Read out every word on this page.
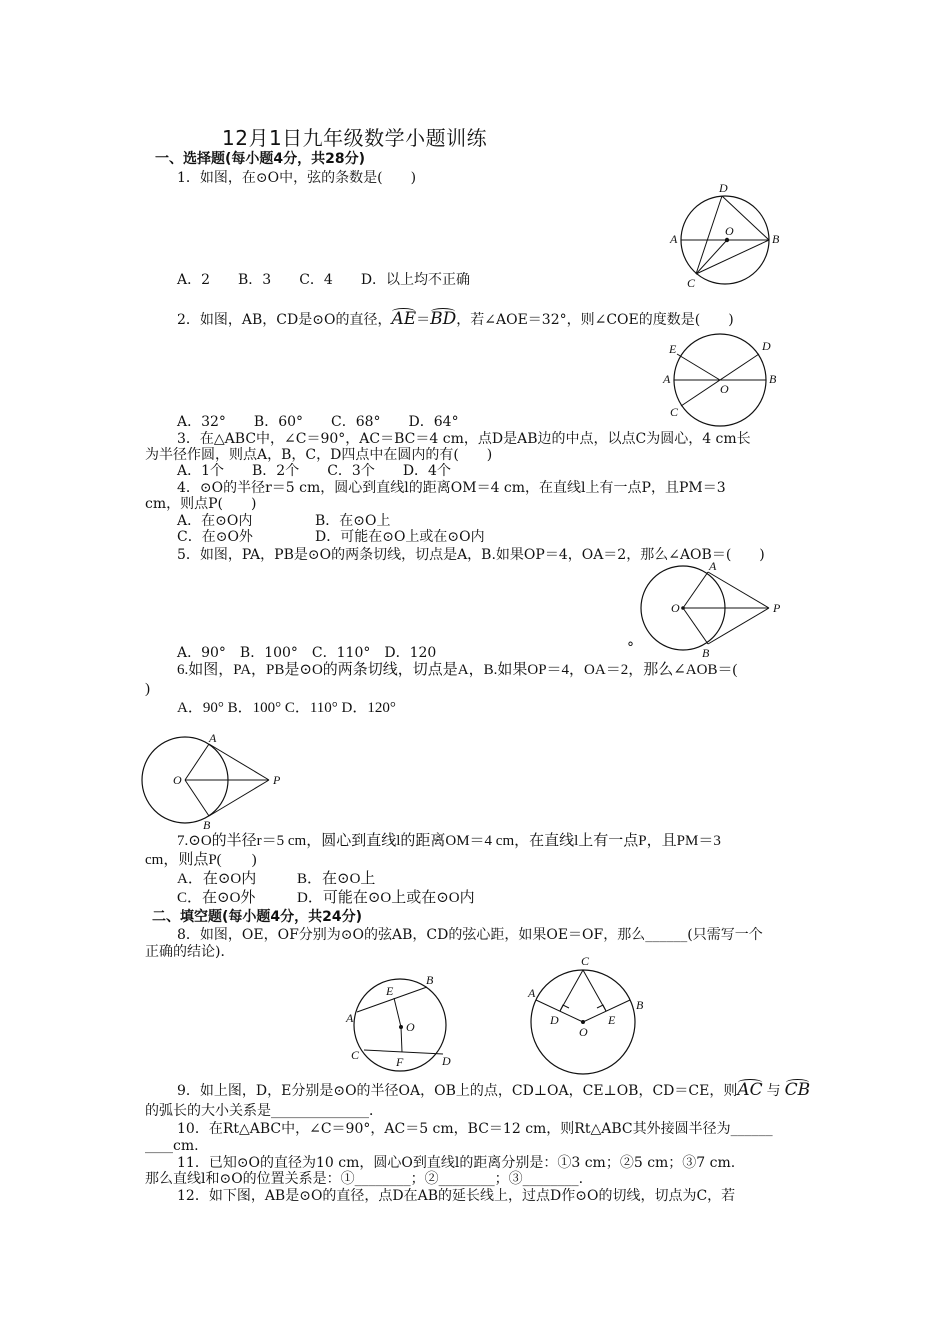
12月1日九年级数学小题训练
一、选择题(每小题4分，共28分)
1．如图，在⊙O中，弦的条数是(　　)
D
O
A	B
C
A．2　　B．3　　C．4　　D．以上均不正确
2．如图，AB，CD是⊙O的直径，AE＝BD，若∠AOE＝32°，则∠COE的度数是(　　)
E	D
A
O
B
C
A．32°　　B．60°　　C．68°　　D．64°
3．在△ABC中，∠C＝90°，AC＝BC＝4 cm，点D是AB边的中点，以点C为圆心，4 cm长
为半径作圆，则点A，B，C，D四点中在圆内的有(　　)
A．1个　　B．2个　　C．3个　　D．4个
4．⊙O的半径r＝5 cm，圆心到直线l的距离OM＝4 cm，在直线l上有一点P，且PM＝3
cm，则点P(　　)
A．在⊙O内	B．在⊙O上
C．在⊙O外	D．可能在⊙O上或在⊙O内
5．如图，PA，PB是⊙O的两条切线，切点是A，B.如果OP＝4，OA＝2，那么∠AOB＝(　　)
A
O	P
B
A．90°　B．100°　C．110°　D．120	°
6.如图，PA，PB是⊙O的两条切线，切点是A，B.如果OP＝4，OA＝2，那么∠AOB＝(
)
A．90° B．100° C．110° D．120°
A
O	P
B
7.⊙O的半径r＝5 cm，圆心到直线l的距离OM＝4 cm，在直线l上有一点P，且PM＝3
cm，则点P(　　)
A．在⊙O内	B．在⊙O上
C．在⊙O外	D．可能在⊙O上或在⊙O内
二、填空题(每小题4分，共24分)
8．如图，OE，OF分别为⊙O的弦AB，CD的弦心距，如果OE＝OF，那么______(只需写一个
正确的结论)．
E
B
A
O
C	F	D
C
A
B
D
O
E
9．如上图，D，E分别是⊙O的半径OA，OB上的点，CD⊥OA，CE⊥OB，CD＝CE，则AC 与 CB
的弧长的大小关系是______________．
10．在Rt△ABC中，∠C＝90°，AC＝5 cm，BC＝12 cm，则Rt△ABC其外接圆半径为______
____cm.
11．已知⊙O的直径为10 cm，圆心O到直线l的距离分别是：①3 cm；②5 cm；③7 cm.
那么直线l和⊙O的位置关系是：①________；②________；③________.
12．如下图，AB是⊙O的直径，点D在AB的延长线上，过点D作⊙O的切线，切点为C，若
